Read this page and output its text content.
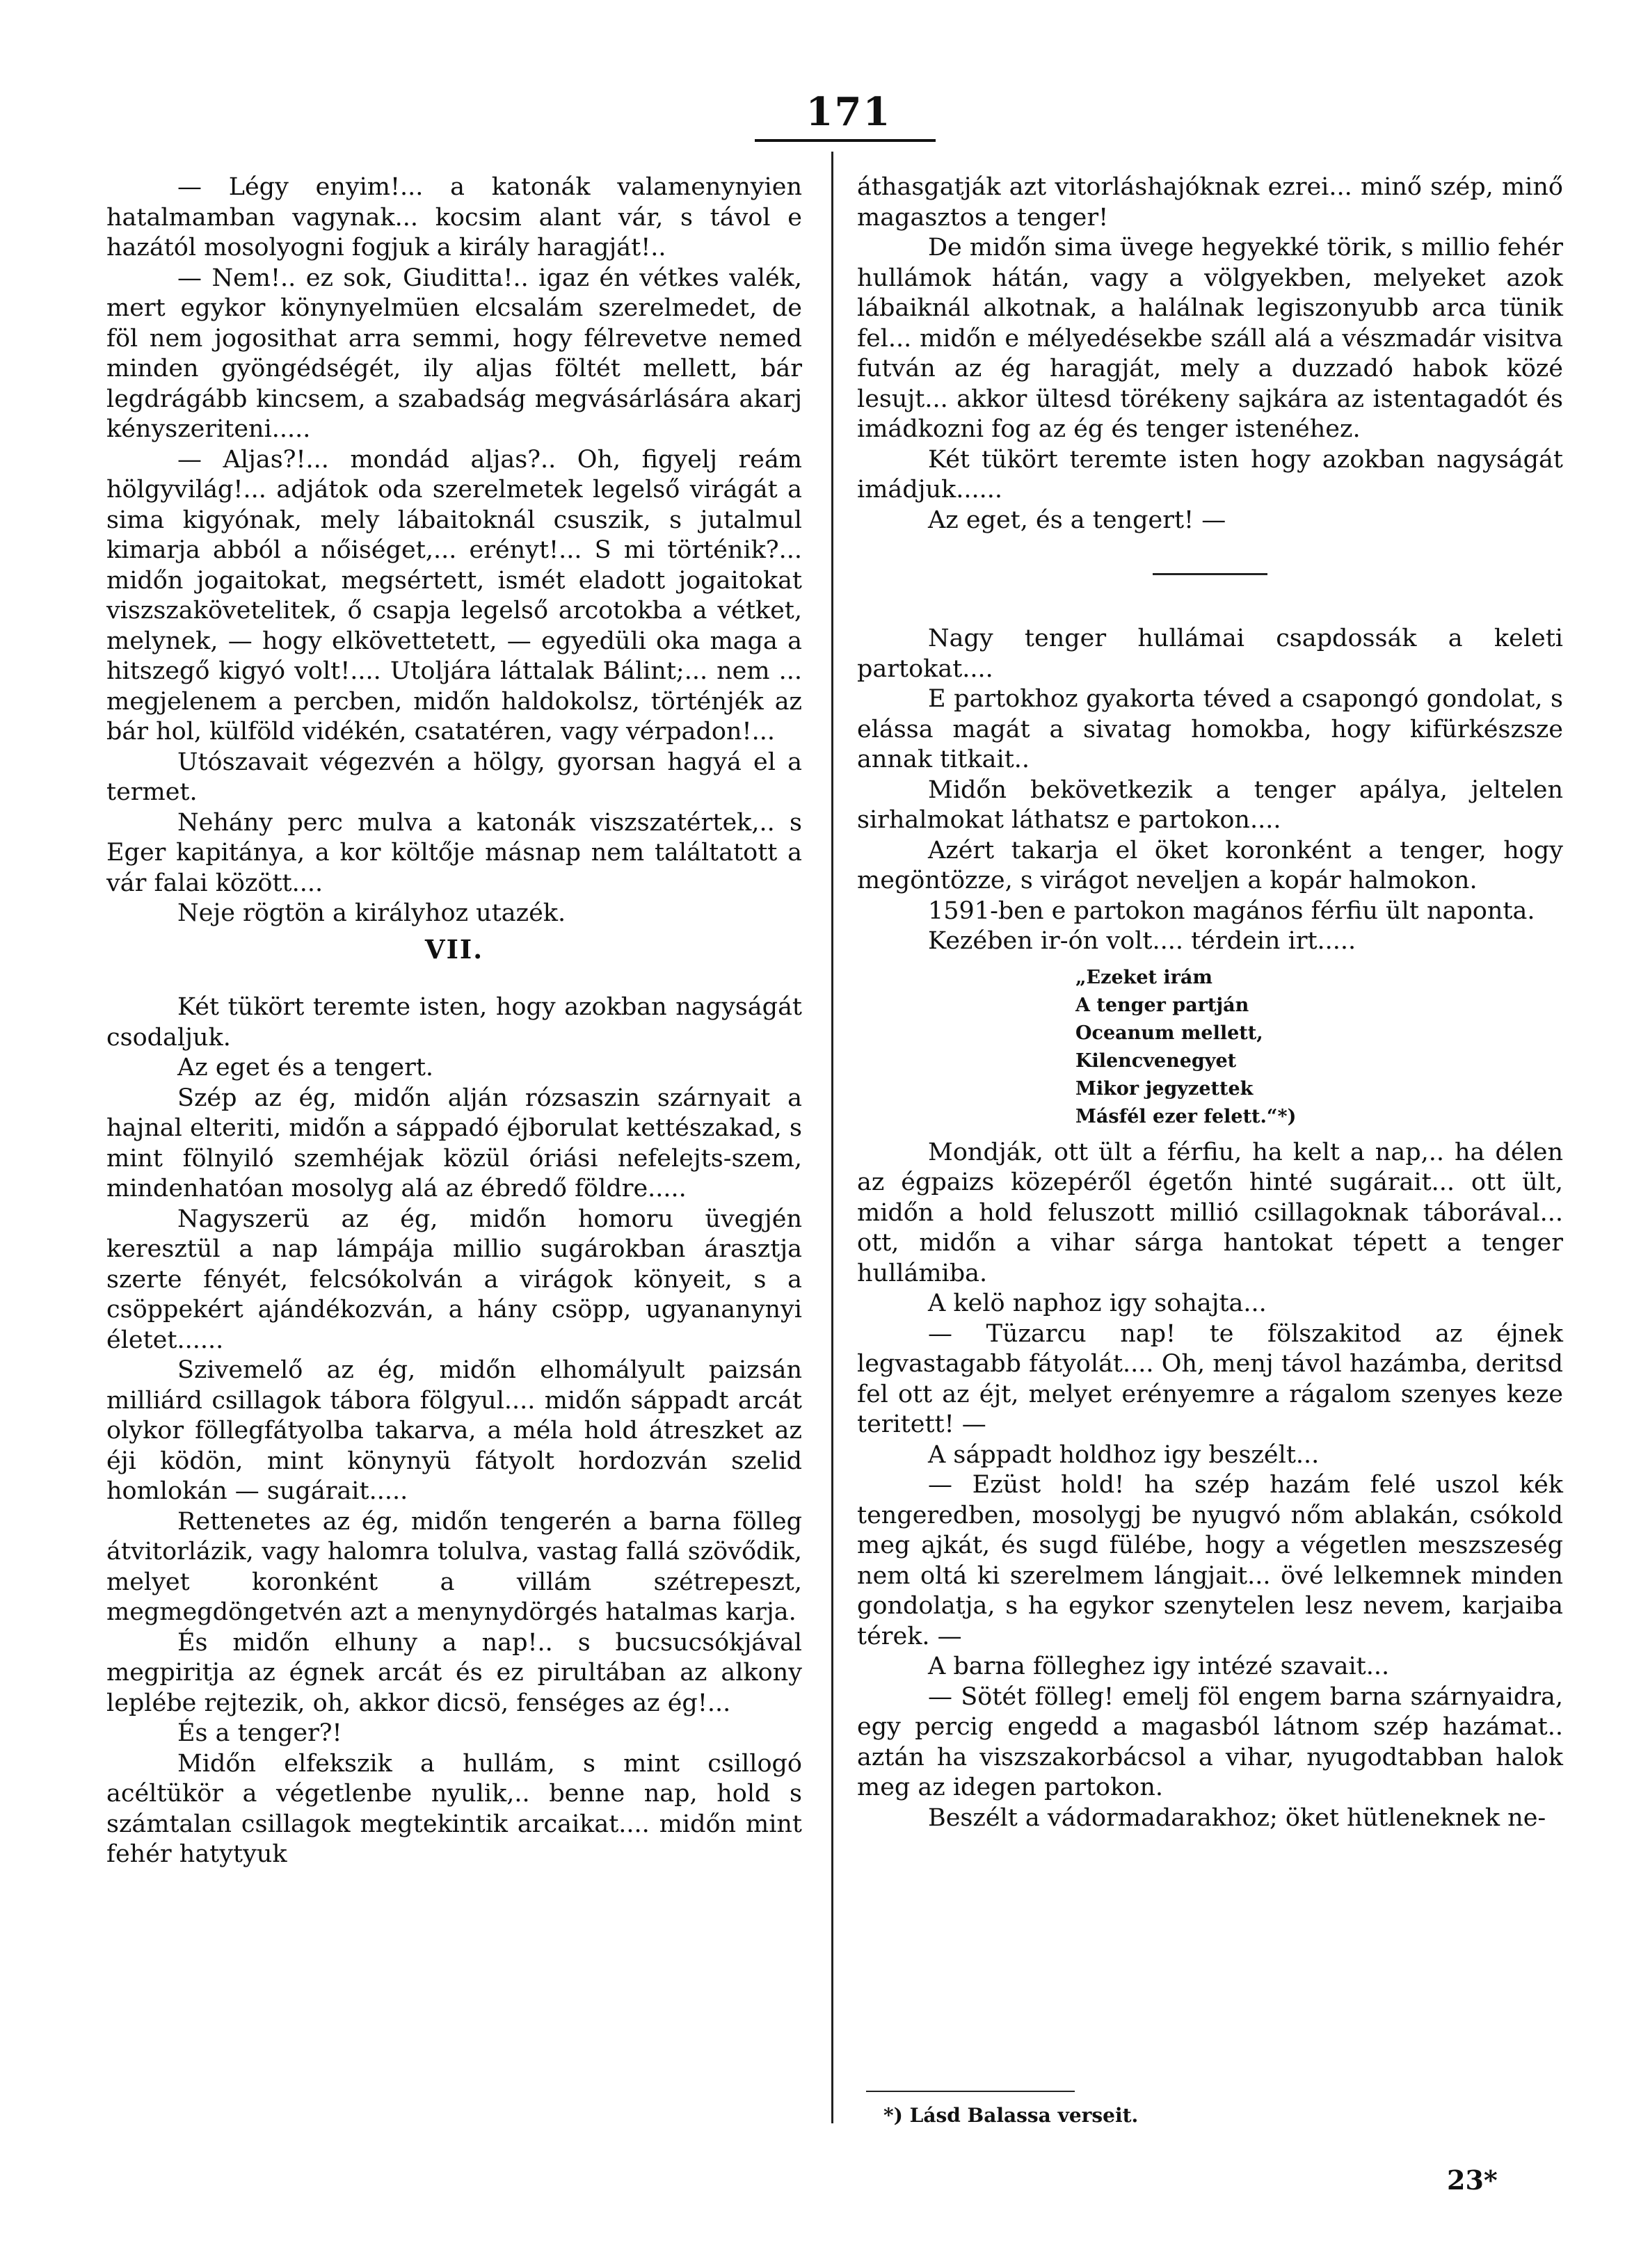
171

— Légy enyim!... a katonák valamenynyien hatalmamban vagynak... kocsim alant vár, s távol e hazától mosolyogni fogjuk a király haragját!..

— Nem!.. ez sok, Giuditta!.. igaz én vétkes valék, mert egykor könynyelmüen elcsalám szerelmedet, de föl nem jogosithat arra semmi, hogy félrevetve nemed minden gyöngédségét, ily aljas föltét mellett, bár legdrágább kincsem, a szabadság megvásárlására akarj kényszeriteni.....

— Aljas?!... mondád aljas?.. Oh, figyelj reám hölgyvilág!... adjátok oda szerelmetek legelső virágát a sima kigyónak, mely lábaitoknál csuszik, s jutalmul kimarja abból a nőiséget,... erényt!... S mi történik?... midőn jogaitokat, megsértett, ismét eladott jogaitokat viszszakövetelitek, ő csapja legelső arcotokba a vétket, melynek, — hogy elkövettetett, — egyedüli oka maga a hitszegő kigyó volt!.... Utoljára láttalak Bálint;... nem ... megjelenem a percben, midőn haldokolsz, történjék az bár hol, külföld vidékén, csatatéren, vagy vérpadon!...

Utószavait végezvén a hölgy, gyorsan hagyá el a termet.

Nehány perc mulva a katonák viszszatértek,.. s Eger kapitánya, a kor költője másnap nem találtatott a vár falai között....

Neje rögtön a királyhoz utazék.

VII.

Két tükört teremte isten, hogy azokban nagyságát csodaljuk.

Az eget és a tengert.

Szép az ég, midőn alján rózsaszin szárnyait a hajnal elteriti, midőn a sáppadó éjborulat kettészakad, s mint fölnyiló szemhéjak közül óriási nefelejts-szem, mindenhatóan mosolyg alá az ébredő földre.....

Nagyszerü az ég, midőn homoru üvegjén keresztül a nap lámpája millio sugárokban árasztja szerte fényét, felcsókolván a virágok könyeit, s a csöppekért ajándékozván, a hány csöpp, ugyananynyi életet......

Szivemelő az ég, midőn elhomályult paizsán milliárd csillagok tábora fölgyul.... midőn sáppadt arcát olykor föllegfátyolba takarva, a méla hold átreszket az éji ködön, mint könynyü fátyolt hordozván szelid homlokán — sugárait.....

Rettenetes az ég, midőn tengerén a barna fölleg átvitorlázik, vagy halomra tolulva, vastag fallá szövődik, melyet koronként a villám szétrepeszt, megmegdöngetvén azt a menynydörgés hatalmas karja.

És midőn elhuny a nap!.. s bucsucsókjával megpiritja az égnek arcát és ez pirultában az alkony leplébe rejtezik, oh, akkor dicsö, fenséges az ég!...

És a tenger?!

Midőn elfekszik a hullám, s mint csillogó acéltükör a végetlenbe nyulik,.. benne nap, hold s számtalan csillagok megtekintik arcaikat.... midőn mint fehér hatytyuk

áthasgatják azt vitorláshajóknak ezrei... minő szép, minő magasztos a tenger!

De midőn sima üvege hegyekké törik, s millio fehér hullámok hátán, vagy a völgyekben, melyeket azok lábaiknál alkotnak, a halálnak legiszonyubb arca tünik fel... midőn e mélyedésekbe száll alá a vészmadár visitva futván az ég haragját, mely a duzzadó habok közé lesujt... akkor ültesd törékeny sajkára az istentagadót és imádkozni fog az ég és tenger istenéhez.

Két tükört teremte isten hogy azokban nagyságát imádjuk......

Az eget, és a tengert! —

Nagy tenger hullámai csapdossák a keleti partokat....

E partokhoz gyakorta téved a csapongó gondolat, s elássa magát a sivatag homokba, hogy kifürkészsze annak titkait..

Midőn bekövetkezik a tenger apálya, jeltelen sirhalmokat láthatsz e partokon....

Azért takarja el öket koronként a tenger, hogy megöntözze, s virágot neveljen a kopár halmokon.

1591-ben e partokon magános férfiu ült naponta.

Kezében ir-ón volt.... térdein irt.....

„Ezeket irám
A tenger partján
Oceanum mellett,
Kilencvenegyet
Mikor jegyzettek
Másfél ezer felett.“*)

Mondják, ott ült a férfiu, ha kelt a nap,.. ha délen az égpaizs közepéről égetőn hinté sugárait... ott ült, midőn a hold feluszott millió csillagoknak táborával... ott, midőn a vihar sárga hantokat tépett a tenger hullámiba.

A kelö naphoz igy sohajta...

— Tüzarcu nap! te fölszakitod az éjnek legvastagabb fátyolát.... Oh, menj távol hazámba, deritsd fel ott az éjt, melyet erényemre a rágalom szenyes keze teritett! —

A sáppadt holdhoz igy beszélt...

— Ezüst hold! ha szép hazám felé uszol kék tengeredben, mosolygj be nyugvó nőm ablakán, csókold meg ajkát, és sugd fülébe, hogy a végetlen meszszeség nem oltá ki szerelmem lángjait... övé lelkemnek minden gondolatja, s ha egykor szenytelen lesz nevem, karjaiba térek. —

A barna fölleghez igy intézé szavait...

— Sötét fölleg! emelj föl engem barna szárnyaidra, egy percig engedd a magasból látnom szép hazámat.. aztán ha viszszakorbácsol a vihar, nyugodtabban halok meg az idegen partokon.

Beszélt a vádormadarakhoz; öket hütleneknek ne-

*) Lásd Balassa verseit.
23*
